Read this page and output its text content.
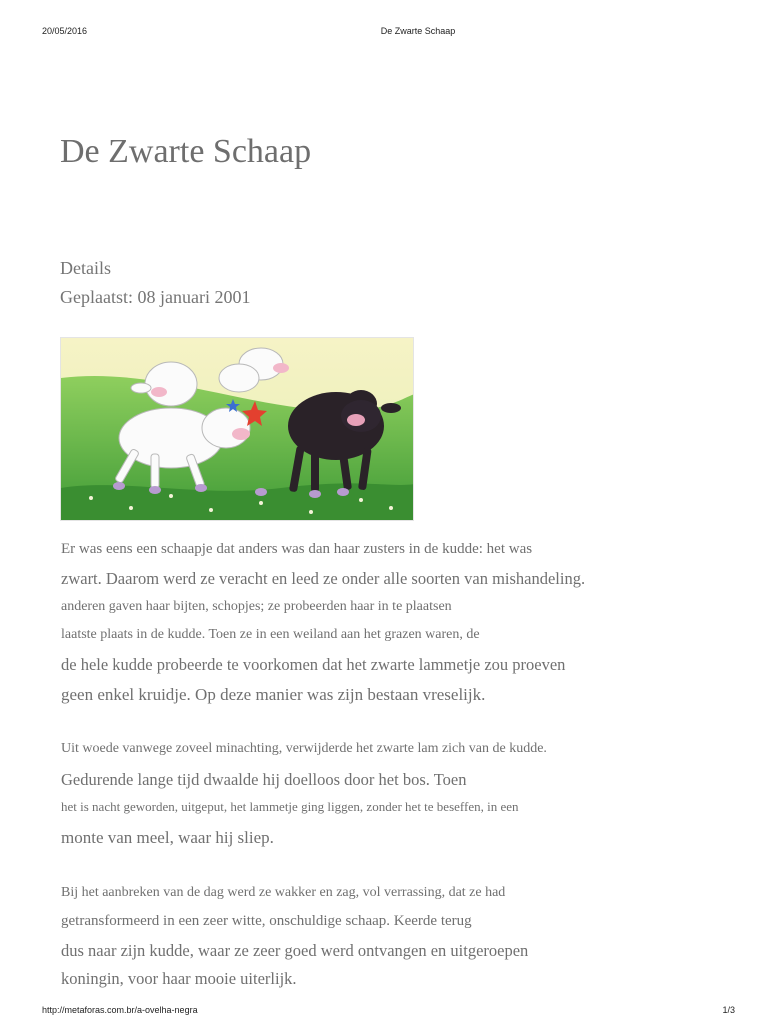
20/05/2016	De Zwarte Schaap
De Zwarte Schaap
Details
Geplaatst: 08 januari 2001
Er was eens een schaapje dat anders was dan haar zusters in de kudde: het was
zwart. Daarom werd ze veracht en leed ze onder alle soorten van mishandeling.
anderen gaven haar bijten, schopjes; ze probeerden haar in te plaatsen
laatste plaats in de kudde. Toen ze in een weiland aan het grazen waren, de
de hele kudde probeerde te voorkomen dat het zwarte lammetje zou proeven
geen enkel kruidje. Op deze manier was zijn bestaan vreselijk.
Uit woede vanwege zoveel minachting, verwijderde het zwarte lam zich van de kudde.
Gedurende lange tijd dwaalde hij doelloos door het bos. Toen
het is nacht geworden, uitgeput, het lammetje ging liggen, zonder het te beseffen, in een
monte van meel, waar hij sliep.
Bij het aanbreken van de dag werd ze wakker en zag, vol verrassing, dat ze had
getransformeerd in een zeer witte, onschuldige schaap. Keerde terug
dus naar zijn kudde, waar ze zeer goed werd ontvangen en uitgeroepen
koningin, voor haar mooie uiterlijk.
http://metaforas.com.br/a-ovelha-negra	1/3
